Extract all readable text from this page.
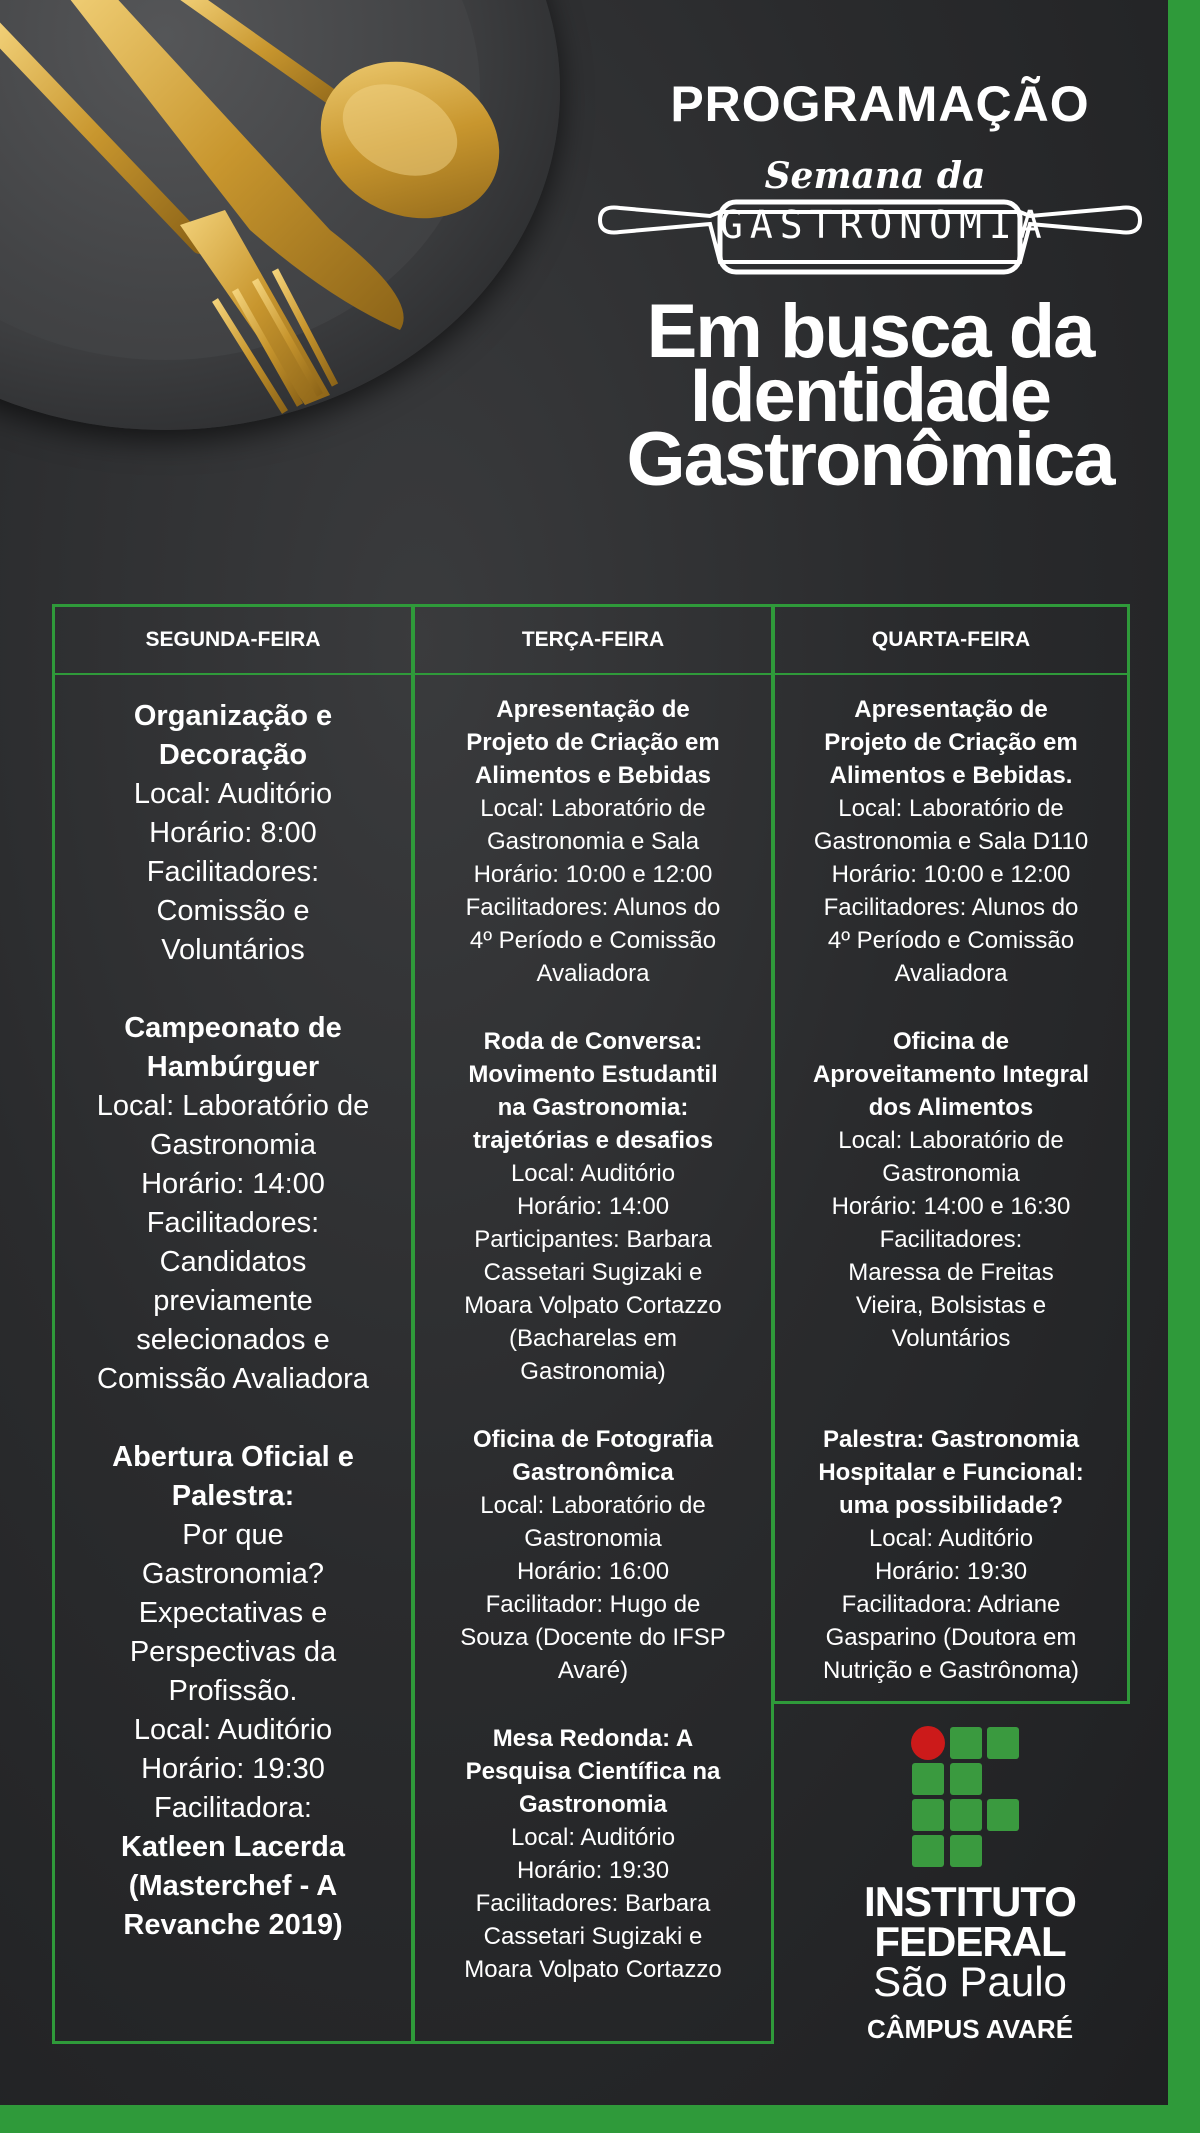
PROGRAMAÇÃO
Semana da
GASTRONOMIA
Em busca da
Identidade
Gastronômica
SEGUNDA-FEIRA
Organização e
Decoração
Local: Auditório
Horário: 8:00
Facilitadores:
Comissão e
Voluntários
Campeonato de
Hambúrguer
Local: Laboratório de
Gastronomia
Horário: 14:00
Facilitadores:
Candidatos
previamente
selecionados e
Comissão Avaliadora
Abertura Oficial e
Palestra:
Por que
Gastronomia?
Expectativas e
Perspectivas da
Profissão.
Local: Auditório
Horário: 19:30
Facilitadora:
Katleen Lacerda
(Masterchef - A
Revanche 2019)
TERÇA-FEIRA
Apresentação de
Projeto de Criação em
Alimentos e Bebidas
Local: Laboratório de
Gastronomia e Sala
Horário: 10:00 e 12:00
Facilitadores: Alunos do
4º Período e Comissão
Avaliadora
Roda de Conversa:
Movimento Estudantil
na Gastronomia:
trajetórias e desafios
Local: Auditório
Horário: 14:00
Participantes: Barbara
Cassetari Sugizaki e
Moara Volpato Cortazzo
(Bacharelas em
Gastronomia)
Oficina de Fotografia
Gastronômica
Local: Laboratório de
Gastronomia
Horário: 16:00
Facilitador: Hugo de
Souza (Docente do IFSP
Avaré)
Mesa Redonda: A
Pesquisa Científica na
Gastronomia
Local: Auditório
Horário: 19:30
Facilitadores: Barbara
Cassetari Sugizaki e
Moara Volpato Cortazzo
QUARTA-FEIRA
Apresentação de
Projeto de Criação em
Alimentos e Bebidas.
Local: Laboratório de
Gastronomia e Sala D110
Horário: 10:00 e 12:00
Facilitadores: Alunos do
4º Período e Comissão
Avaliadora
Oficina de
Aproveitamento Integral
dos Alimentos
Local: Laboratório de
Gastronomia
Horário: 14:00 e 16:30
Facilitadores:
Maressa de Freitas
Vieira, Bolsistas e
Voluntários
Palestra: Gastronomia
Hospitalar e Funcional:
uma possibilidade?
Local: Auditório
Horário: 19:30
Facilitadora: Adriane
Gasparino (Doutora em
Nutrição e Gastrônoma)
INSTITUTO
FEDERAL
São Paulo
CÂMPUS AVARÉ
